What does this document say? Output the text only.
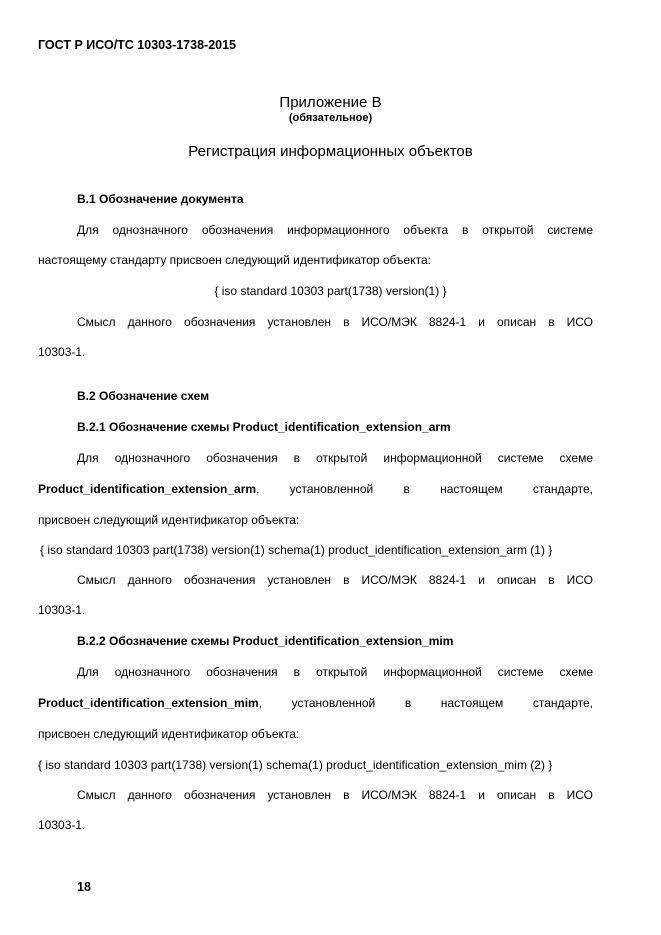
ГОСТ Р ИСО/ТС 10303-1738-2015
Приложение В
(обязательное)
Регистрация информационных объектов
В.1 Обозначение документа
Для однозначного обозначения информационного объекта в открытой системе
настоящему стандарту присвоен следующий идентификатор объекта:
{ iso standard 10303 part(1738) version(1) }
Смысл данного обозначения установлен в ИСО/МЭК 8824-1 и описан в ИСО
10303-1.
В.2 Обозначение схем
В.2.1 Обозначение схемы Product_identification_extension_arm
Для однозначного обозначения в открытой информационной системе схеме
Product_identification_extension_arm, установленной в настоящем стандарте,
присвоен следующий идентификатор объекта:
{ iso standard 10303 part(1738) version(1) schema(1) product_identification_extension_arm (1) }
Смысл данного обозначения установлен в ИСО/МЭК 8824-1 и описан в ИСО
10303-1.
В.2.2 Обозначение схемы Product_identification_extension_mim
Для однозначного обозначения в открытой информационной системе схеме
Product_identification_extension_mim, установленной в настоящем стандарте,
присвоен следующий идентификатор объекта:
{ iso standard 10303 part(1738) version(1) schema(1) product_identification_extension_mim (2) }
Смысл данного обозначения установлен в ИСО/МЭК 8824-1 и описан в ИСО
10303-1.
18
